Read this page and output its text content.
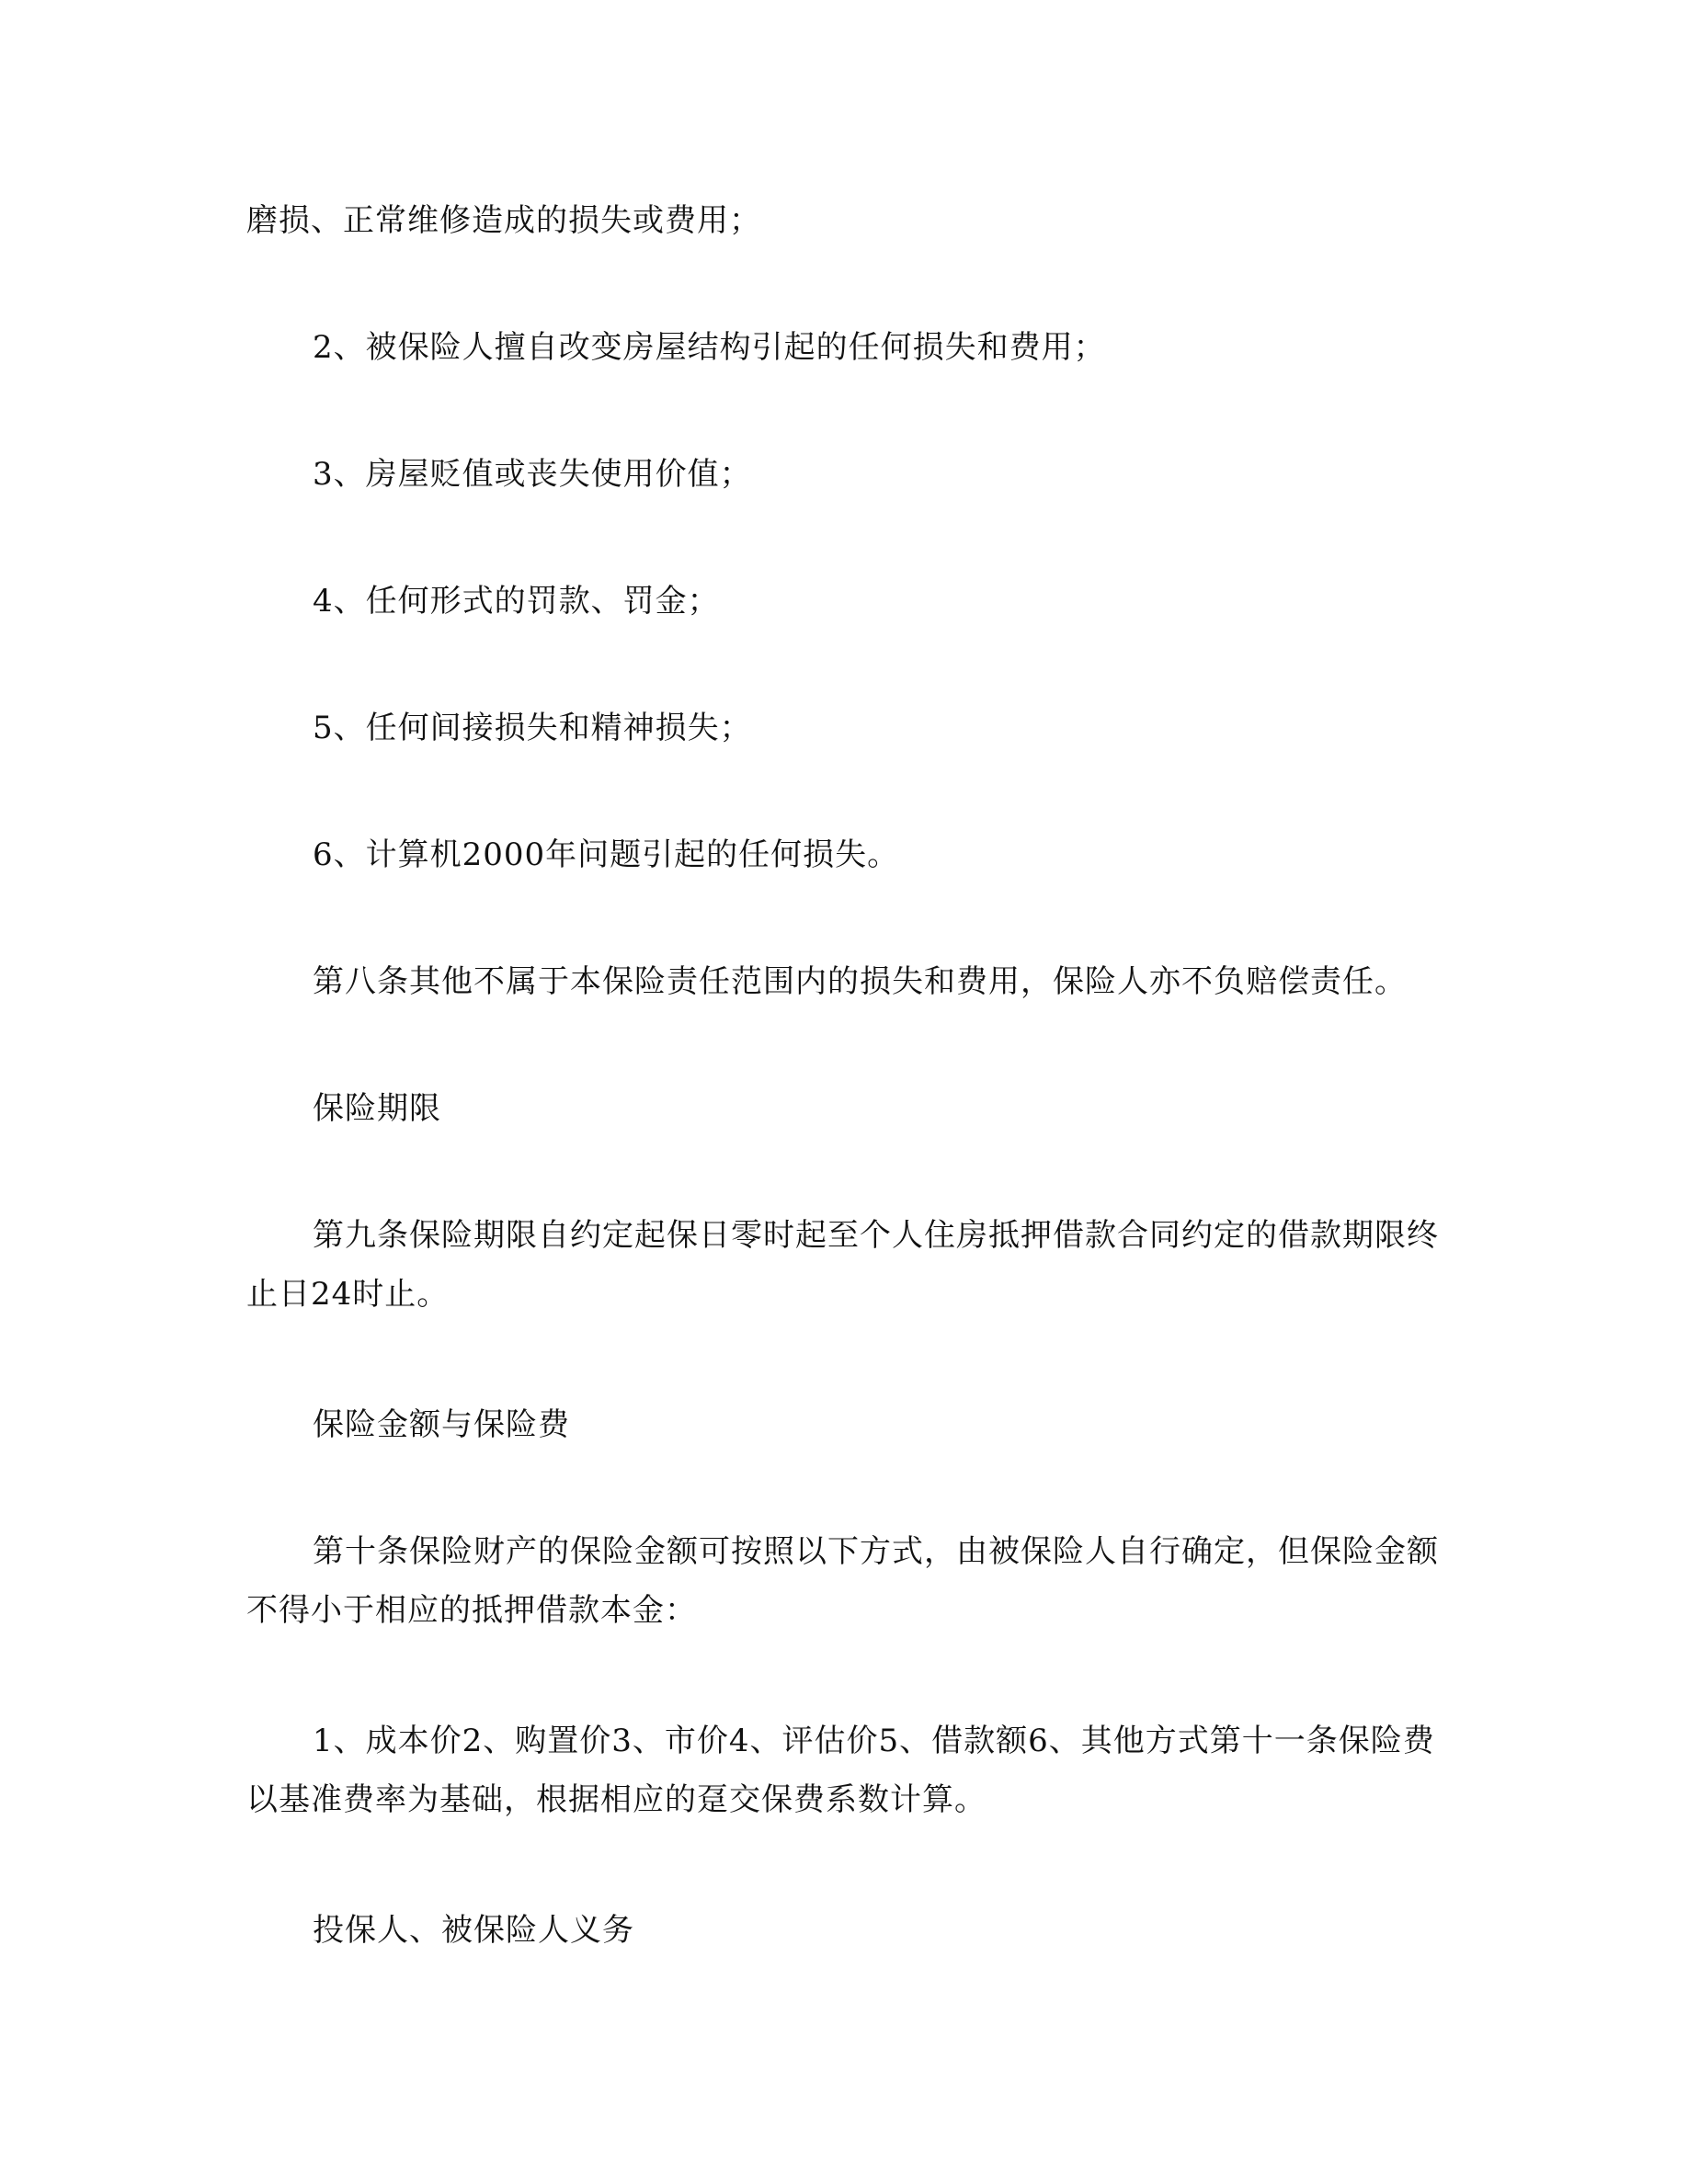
磨损、正常维修造成的损失或费用；

2、被保险人擅自改变房屋结构引起的任何损失和费用；

3、房屋贬值或丧失使用价值；

4、任何形式的罚款、罚金；

5、任何间接损失和精神损失；

6、计算机2000年问题引起的任何损失。

第八条其他不属于本保险责任范围内的损失和费用，保险人亦不负赔偿责任。

保险期限

第九条保险期限自约定起保日零时起至个人住房抵押借款合同约定的借款期限终止日24时止。

保险金额与保险费

第十条保险财产的保险金额可按照以下方式，由被保险人自行确定，但保险金额不得小于相应的抵押借款本金：

1、成本价2、购置价3、市价4、评估价5、借款额6、其他方式第十一条保险费以基准费率为基础，根据相应的趸交保费系数计算。

投保人、被保险人义务
